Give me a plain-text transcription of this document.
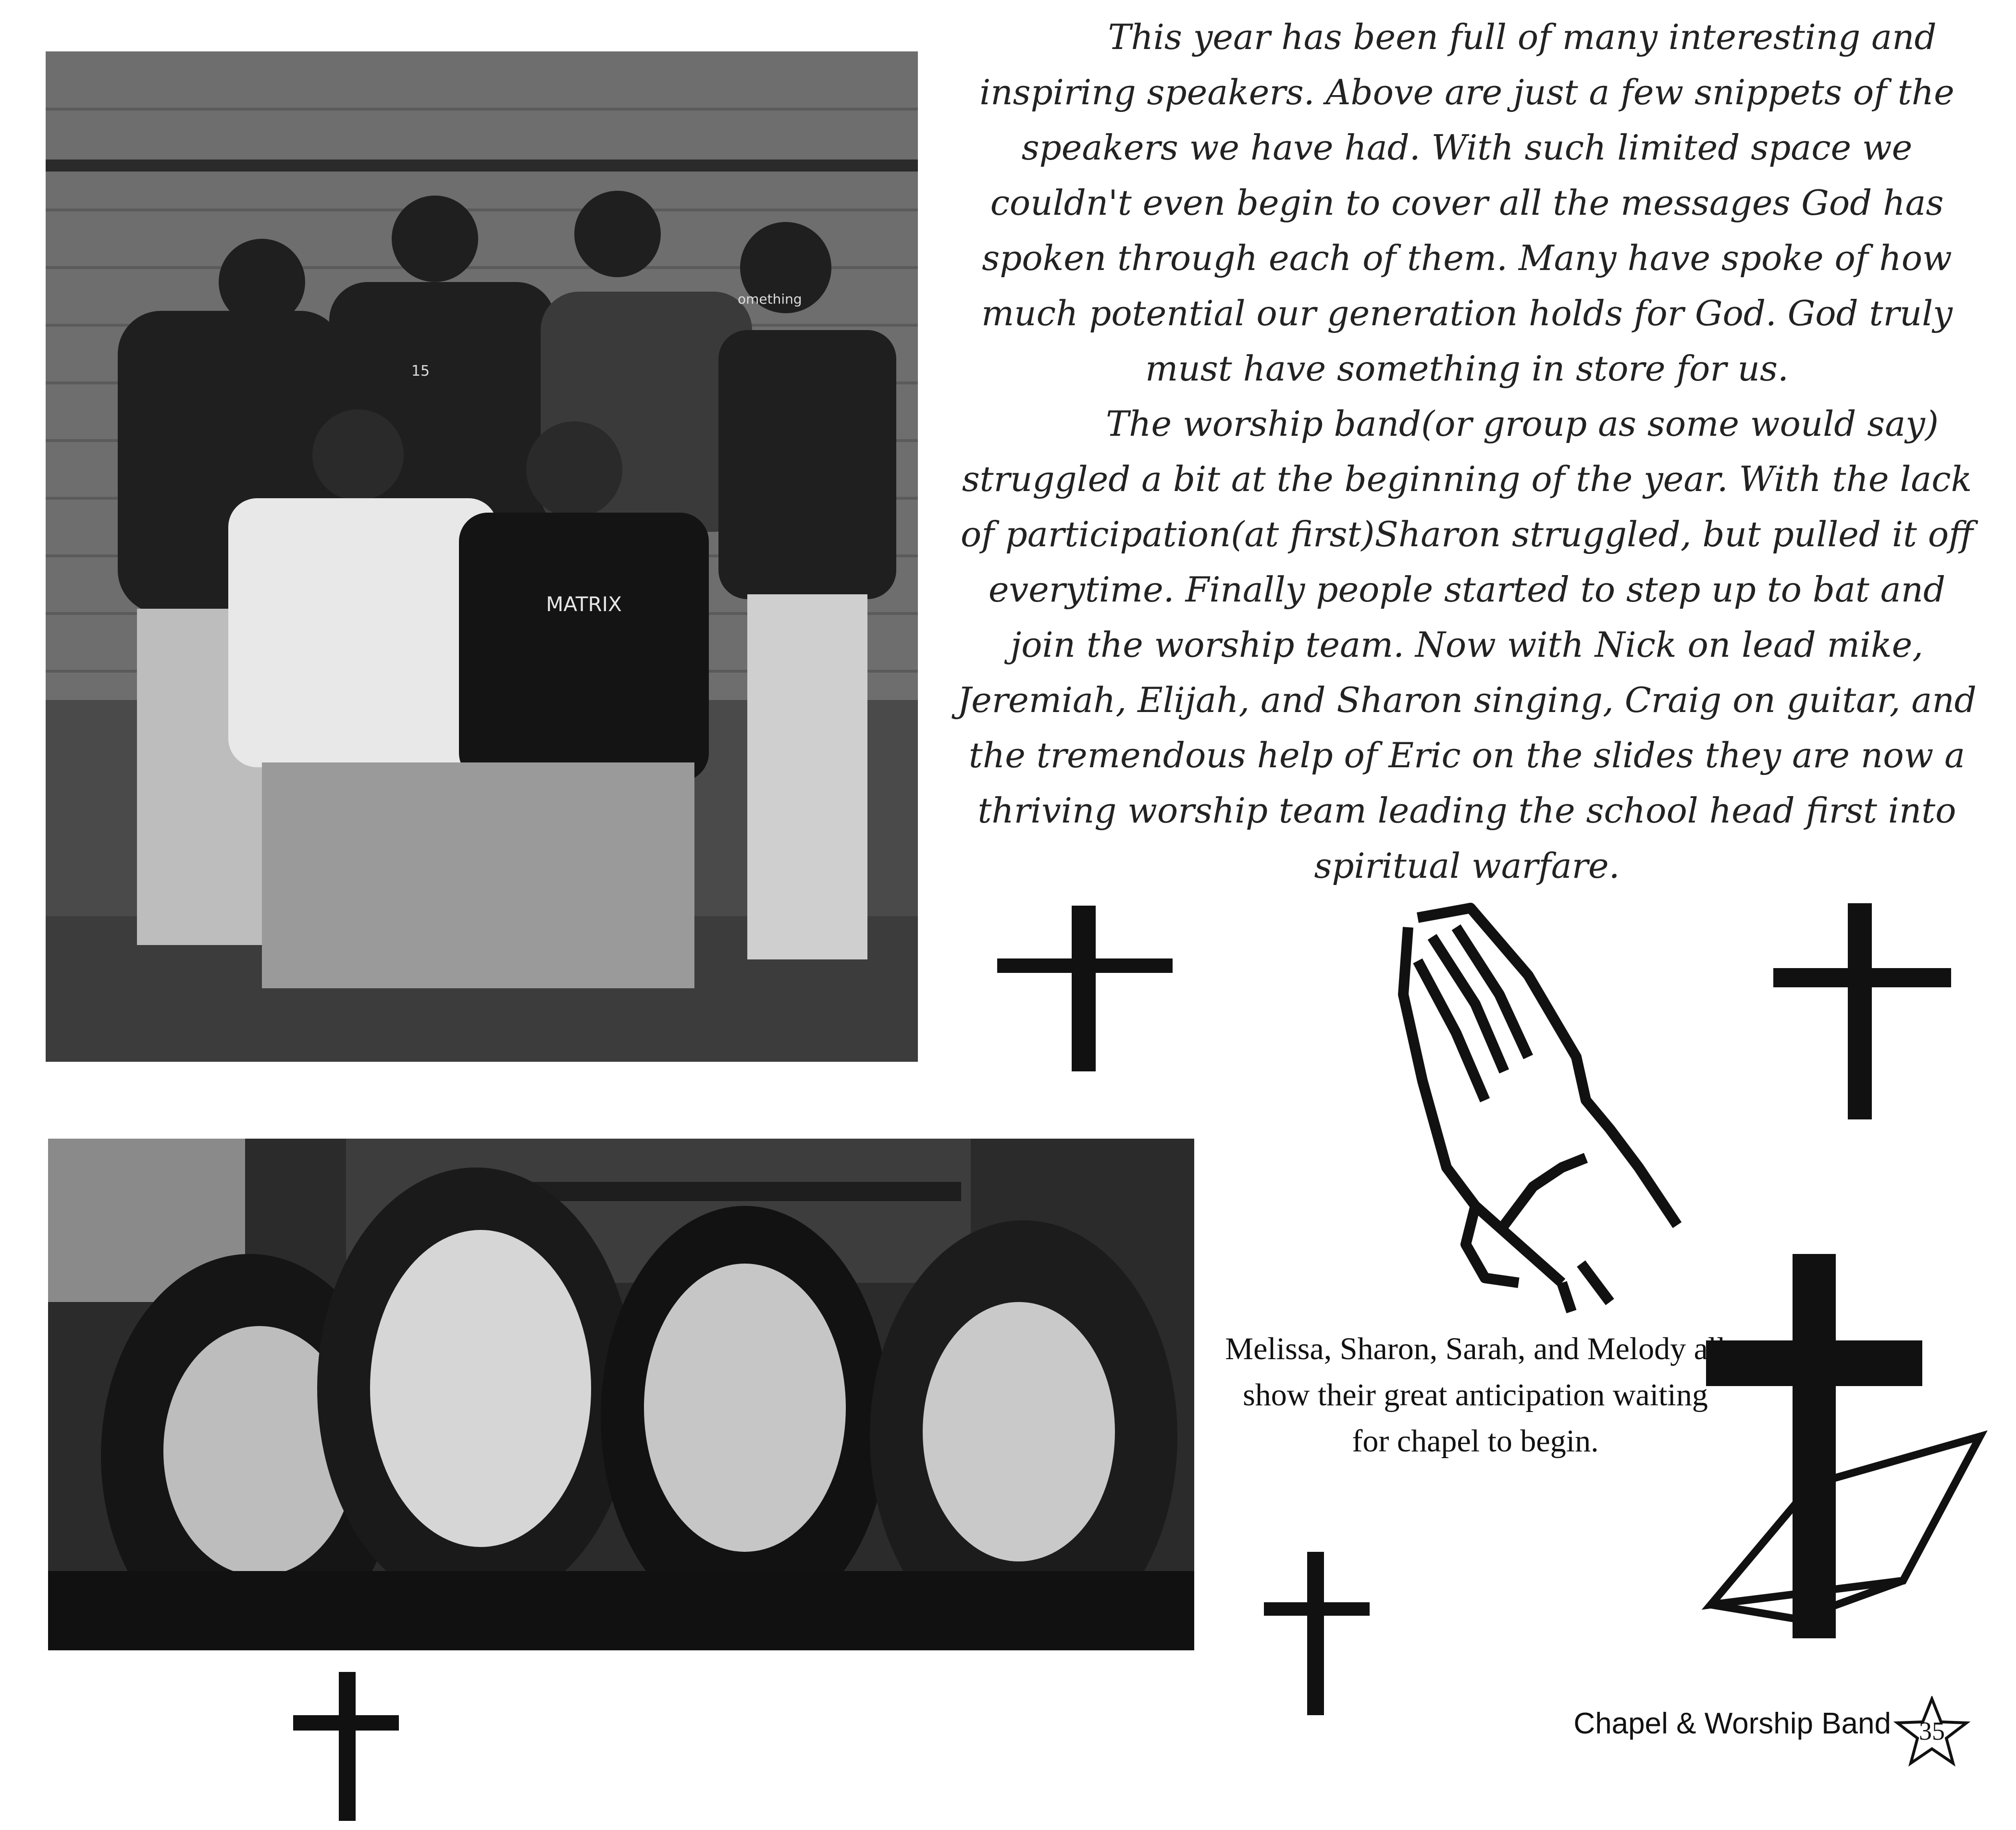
MATRIX
15
omething

This year has been full of many interesting and inspiring speakers. Above are just a few snippets of the speakers we have had. With such limited space we couldn't even begin to cover all the messages God has spoken through each of them. Many have spoke of how much potential our generation holds for God. God truly must have something in store for us.

The worship band(or group as some would say) struggled a bit at the beginning of the year. With the lack of participation(at first)Sharon struggled, but pulled it off everytime. Finally people started to step up to bat and join the worship team. Now with Nick on lead mike, Jeremiah, Elijah, and Sharon singing, Craig on guitar, and the tremendous help of Eric on the slides they are now a thriving worship team leading the school head first into spiritual warfare.

Melissa, Sharon, Sarah, and Melody all show their great anticipation waiting for chapel to begin.
Chapel & Worship Band	35
